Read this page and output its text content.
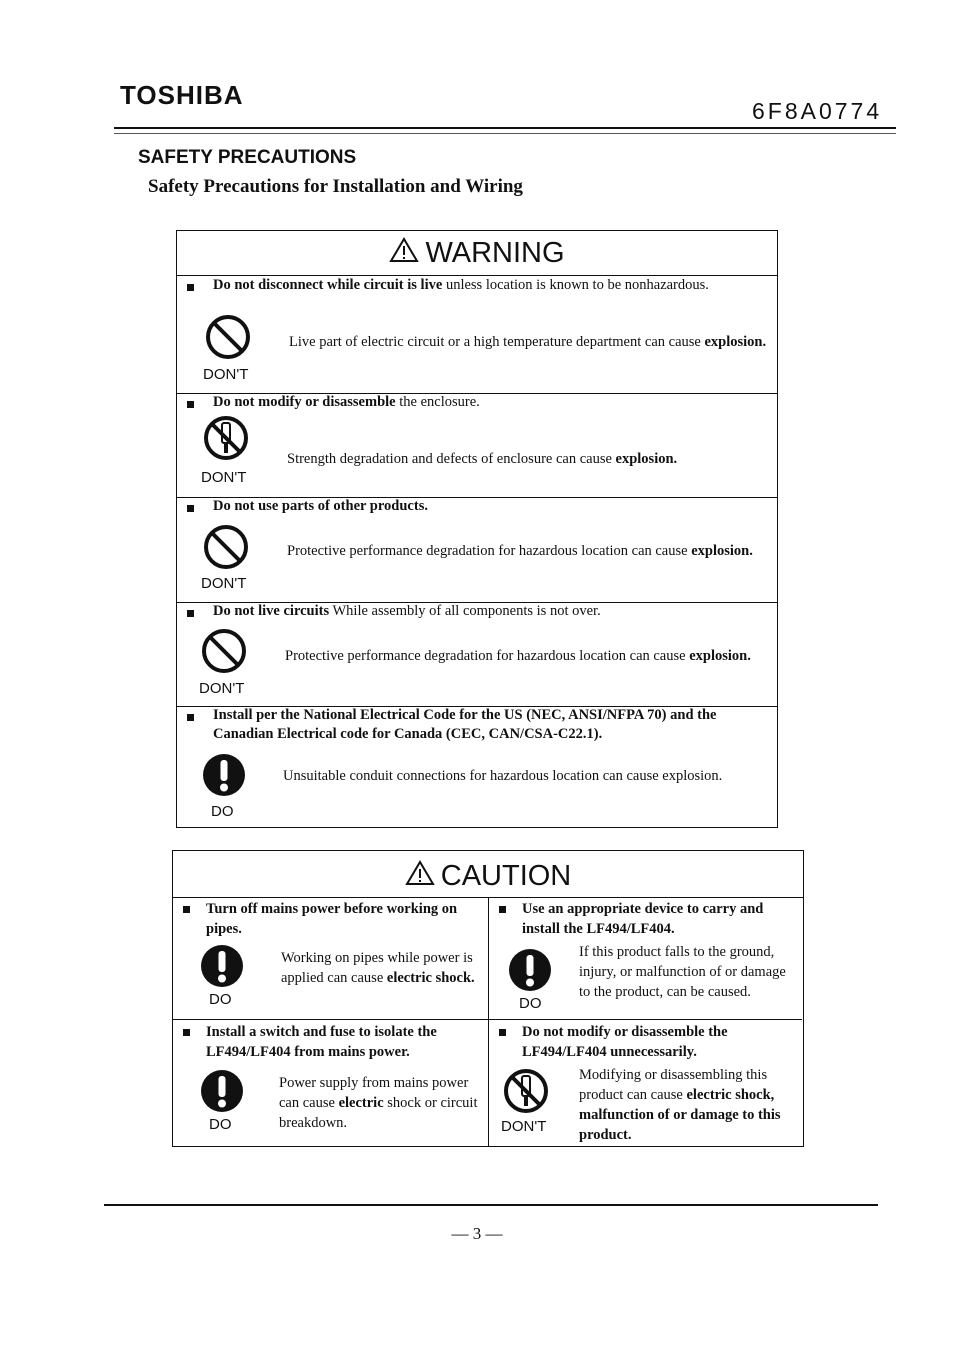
TOSHIBA
6F8A0774
SAFETY PRECAUTIONS
Safety Precautions for Installation and Wiring
WARNING
Do not disconnect while circuit is live unless location is known to be nonhazardous.
DON'T
Live part of electric circuit or a high temperature department can cause explosion.
Do not modify or disassemble the enclosure.
DON'T
Strength degradation and defects of enclosure can cause explosion.
Do not use parts of other products.
DON'T
Protective performance degradation for hazardous location can cause explosion.
Do not live circuits While assembly of all components is not over.
DON'T
Protective performance degradation for hazardous location can cause explosion.
Install per the National Electrical Code for the US (NEC, ANSI/NFPA 70) and the Canadian Electrical code for Canada (CEC, CAN/CSA-C22.1).
DO
Unsuitable conduit connections for hazardous location can cause explosion.
CAUTION
Turn off mains power before working on pipes.
DO
Working on pipes while power is applied can cause electric shock.
Use an appropriate device to carry and install the LF494/LF404.
DO
If this product falls to the ground, injury, or malfunction of or damage to the product, can be caused.
Install a switch and fuse to isolate the LF494/LF404 from mains power.
DO
Power supply from mains power can cause electric shock or circuit breakdown.
Do not modify or disassemble the LF494/LF404 unnecessarily.
DON'T
Modifying or disassembling this product can cause electric shock, malfunction of or damage to this product.
— 3 —
